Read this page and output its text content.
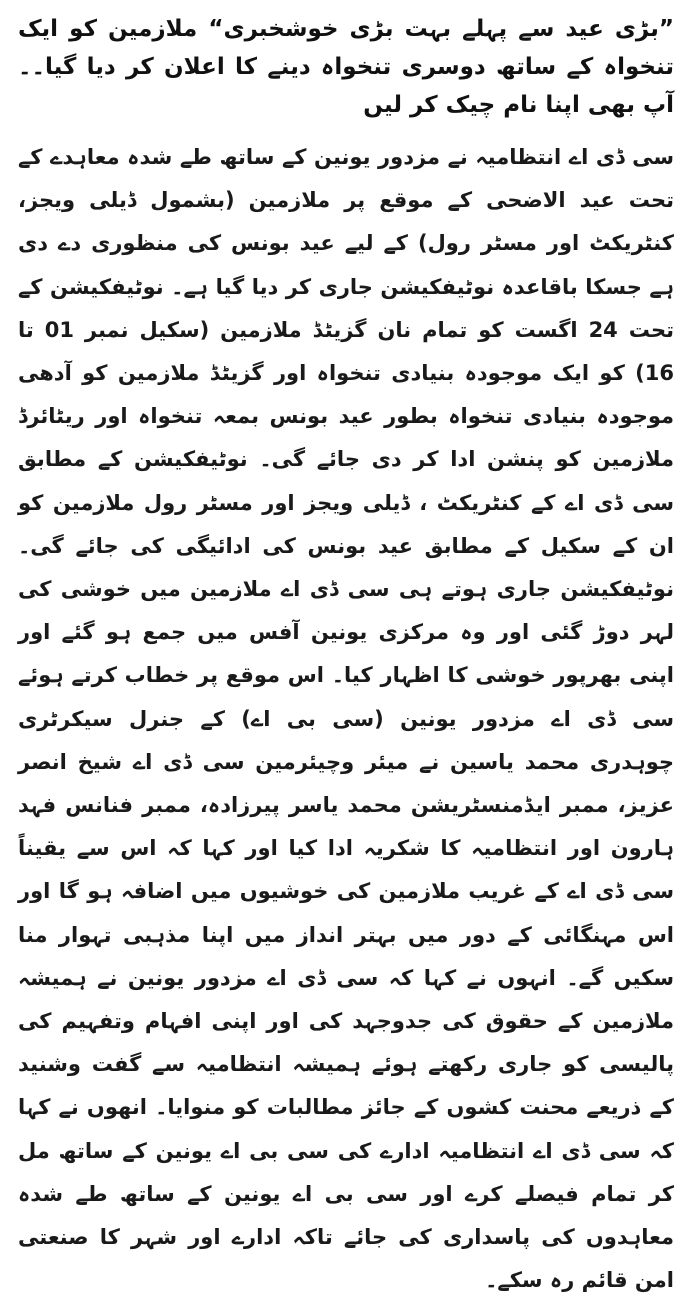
”بڑی عید سے پہلے بہت بڑی خوشخبری“ ملازمین کو ایک تنخواہ کے ساتھ دوسری تنخواہ دینے کا اعلان کر دیا گیا۔۔ آپ بھی اپنا نام چیک کر لیں

سی ڈی اے انتظامیہ نے مزدور یونین کے ساتھ طے شدہ معاہدے کے تحت عید الاضحی کے موقع پر ملازمین (بشمول ڈیلی ویجز، کنٹریکٹ اور مسٹر رول) کے لیے عید بونس کی منظوری دے دی ہے جسکا باقاعدہ نوٹیفکیشن جاری کر دیا گیا ہے۔ نوٹیفکیشن کے تحت 24 اگست کو تمام نان گزیٹڈ ملازمین (سکیل نمبر 01 تا 16) کو ایک موجودہ بنیادی تنخواہ اور گزیٹڈ ملازمین کو آدھی موجودہ بنیادی تنخواہ بطور عید بونس بمعہ تنخواہ اور ریٹائرڈ ملازمین کو پنشن ادا کر دی جائے گی۔ نوٹیفکیشن کے مطابق سی ڈی اے کے کنٹریکٹ ، ڈیلی ویجز اور مسٹر رول ملازمین کو ان کے سکیل کے مطابق عید بونس کی ادائیگی کی جائے گی۔ نوٹیفکیشن جاری ہوتے ہی سی ڈی اے ملازمین میں خوشی کی لہر دوڑ گئی اور وہ مرکزی یونین آفس میں جمع ہو گئے اور اپنی بھرپور خوشی کا اظہار کیا۔ اس موقع پر خطاب کرتے ہوئے سی ڈی اے مزدور یونین (سی بی اے) کے جنرل سیکرٹری چوہدری محمد یاسین نے میئر وچیئرمین سی ڈی اے شیخ انصر عزیز، ممبر ایڈمنسٹریشن محمد یاسر پیرزادہ، ممبر فنانس فہد ہارون اور انتظامیہ کا شکریہ ادا کیا اور کہا کہ اس سے یقیناً سی ڈی اے کے غریب ملازمین کی خوشیوں میں اضافہ ہو گا اور اس مہنگائی کے دور میں بہتر انداز میں اپنا مذہبی تہوار منا سکیں گے۔ انہوں نے کہا کہ سی ڈی اے مزدور یونین نے ہمیشہ ملازمین کے حقوق کی جدوجہد کی اور اپنی افہام وتفہیم کی پالیسی کو جاری رکھتے ہوئے ہمیشہ انتظامیہ سے گفت وشنید کے ذریعے محنت کشوں کے جائز مطالبات کو منوایا۔ انھوں نے کہا کہ سی ڈی اے انتظامیہ ادارے کی سی بی اے یونین کے ساتھ مل کر تمام فیصلے کرے اور سی بی اے یونین کے ساتھ طے شدہ معاہدوں کی پاسداری کی جائے تاکہ ادارے اور شہر کا صنعتی امن قائم رہ سکے۔
